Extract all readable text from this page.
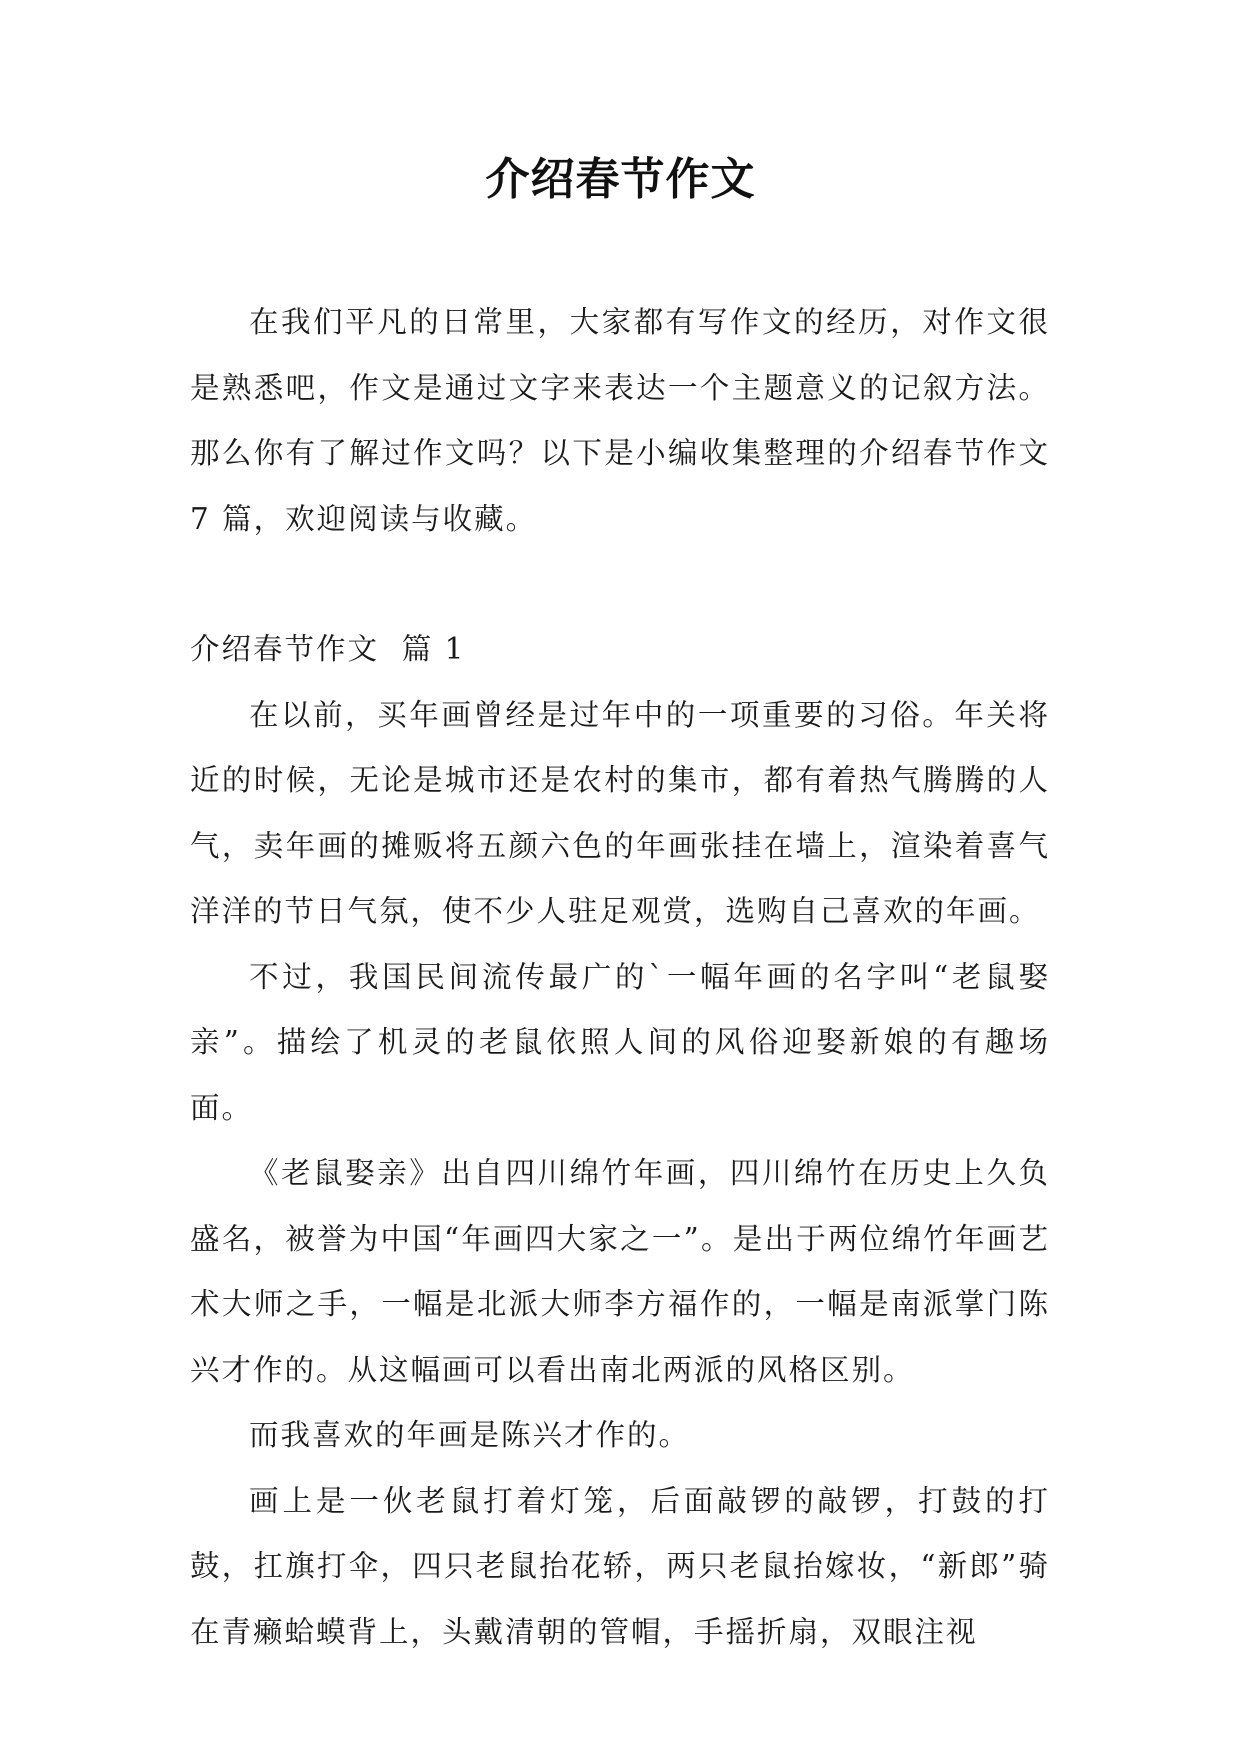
介绍春节作文

在我们平凡的日常里，大家都有写作文的经历，对作文很是熟悉吧，作文是通过文字来表达一个主题意义的记叙方法。那么你有了解过作文吗？以下是小编收集整理的介绍春节作文 7 篇，欢迎阅读与收藏。

介绍春节作文  篇 1

在以前，买年画曾经是过年中的一项重要的习俗。年关将近的时候，无论是城市还是农村的集市，都有着热气腾腾的人气，卖年画的摊贩将五颜六色的年画张挂在墙上，渲染着喜气洋洋的节日气氛，使不少人驻足观赏，选购自己喜欢的年画。

不过，我国民间流传最广的`一幅年画的名字叫“老鼠娶亲”。描绘了机灵的老鼠依照人间的风俗迎娶新娘的有趣场面。

《老鼠娶亲》出自四川绵竹年画，四川绵竹在历史上久负盛名，被誉为中国“年画四大家之一”。是出于两位绵竹年画艺术大师之手，一幅是北派大师李方福作的，一幅是南派掌门陈兴才作的。从这幅画可以看出南北两派的风格区别。

而我喜欢的年画是陈兴才作的。

画上是一伙老鼠打着灯笼，后面敲锣的敲锣，打鼓的打鼓，扛旗打伞，四只老鼠抬花轿，两只老鼠抬嫁妆，“新郎”骑在青癞蛤蟆背上，头戴清朝的管帽，手摇折扇，双眼注视
